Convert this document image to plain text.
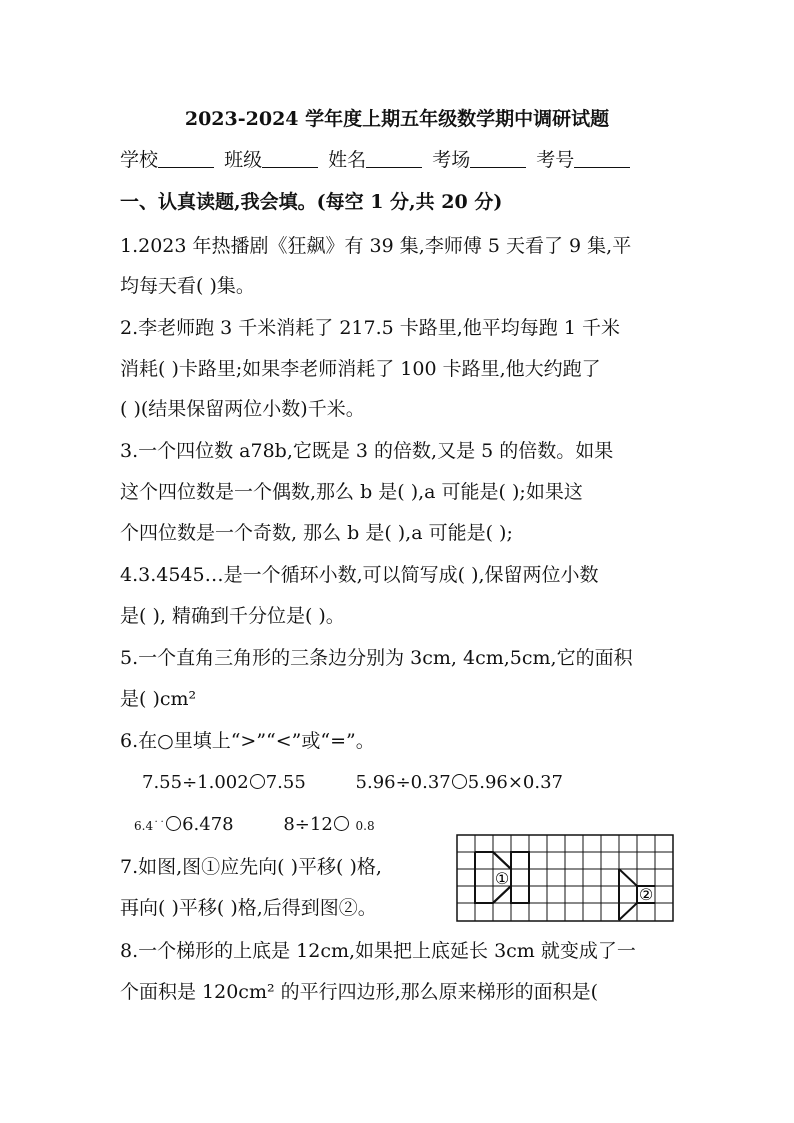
2023-2024 学年度上期五年级数学期中调研试题
学校	班级	姓名	考场	考号
一、认真读题,我会填。(每空 1 分,共 20 分)
1.2023 年热播剧《狂飙》有 39 集,李师傅 5 天看了 9 集,平
均每天看( )集。
2.李老师跑 3 千米消耗了 217.5 卡路里,他平均每跑 1 千米
消耗( )卡路里;如果李老师消耗了 100 卡路里,他大约跑了
( )(结果保留两位小数)千米。
3.一个四位数 a78b,它既是 3 的倍数,又是 5 的倍数。如果
这个四位数是一个偶数,那么 b 是( ),a 可能是( );如果这
个四位数是一个奇数, 那么 b 是( ),a 可能是( );
4.3.4545…是一个循环小数,可以简写成( ),保留两位小数
是( ), 精确到千分位是( )。
5.一个直角三角形的三条边分别为 3cm, 4cm,5cm,它的面积
是( )cm²
6.在○里填上“>”“<”或“=”。
7.55÷1.002 7.55	5.96÷0.37 5.96×0.37
6.4˙˙ 6.478	8÷12 0.8
7.如图,图①应先向( )平移( )格,
再向( )平移( )格,后得到图②。
①
②
8.一个梯形的上底是 12cm,如果把上底延长 3cm 就变成了一
个面积是 120cm² 的平行四边形,那么原来梯形的面积是(
